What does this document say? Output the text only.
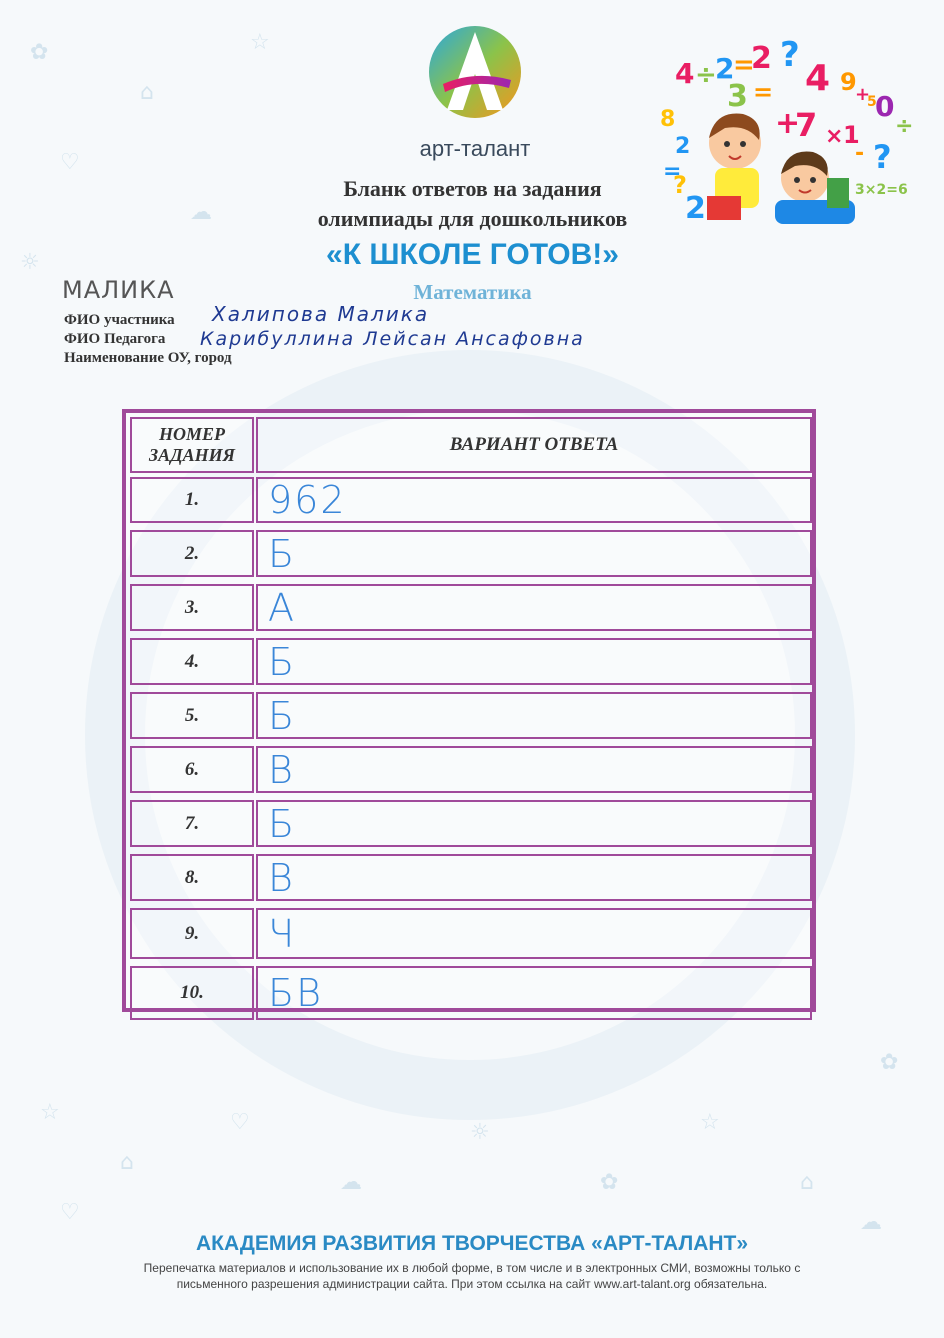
✿
⌂
♡
☆
☁
☼
✿
☆
⌂
♡
☁
☼
✿
☆
⌂
♡	☁
арт-талант
Бланк ответов на задания
олимпиады для дошкольников
«К ШКОЛЕ ГОТОВ!»
Математика
4 ÷
2
=
2 ?
3 = 4 9
+
5
0
8	÷
2
+
7 × 1
=
2
?
-
?	3×2=6
МАЛИКА
ФИО участника
ФИО Педагога
Наименование ОУ, город
Халипова Малика
Карибуллина Лейсан Ансафовна
НОМЕР ЗАДАНИЯ	ВАРИАНТ ОТВЕТА
1.	962
2.	Б
3.	А
4.	Б
5.	Б
6.	В
7.	Б
8.	В
9.	Ч
10.	БВ
АКАДЕМИЯ РАЗВИТИЯ ТВОРЧЕСТВА «АРТ-ТАЛАНТ»
Перепечатка материалов и использование их в любой форме, в том числе и в электронных СМИ, возможны только с
письменного разрешения администрации сайта. При этом ссылка на сайт www.art-talant.org обязательна.
